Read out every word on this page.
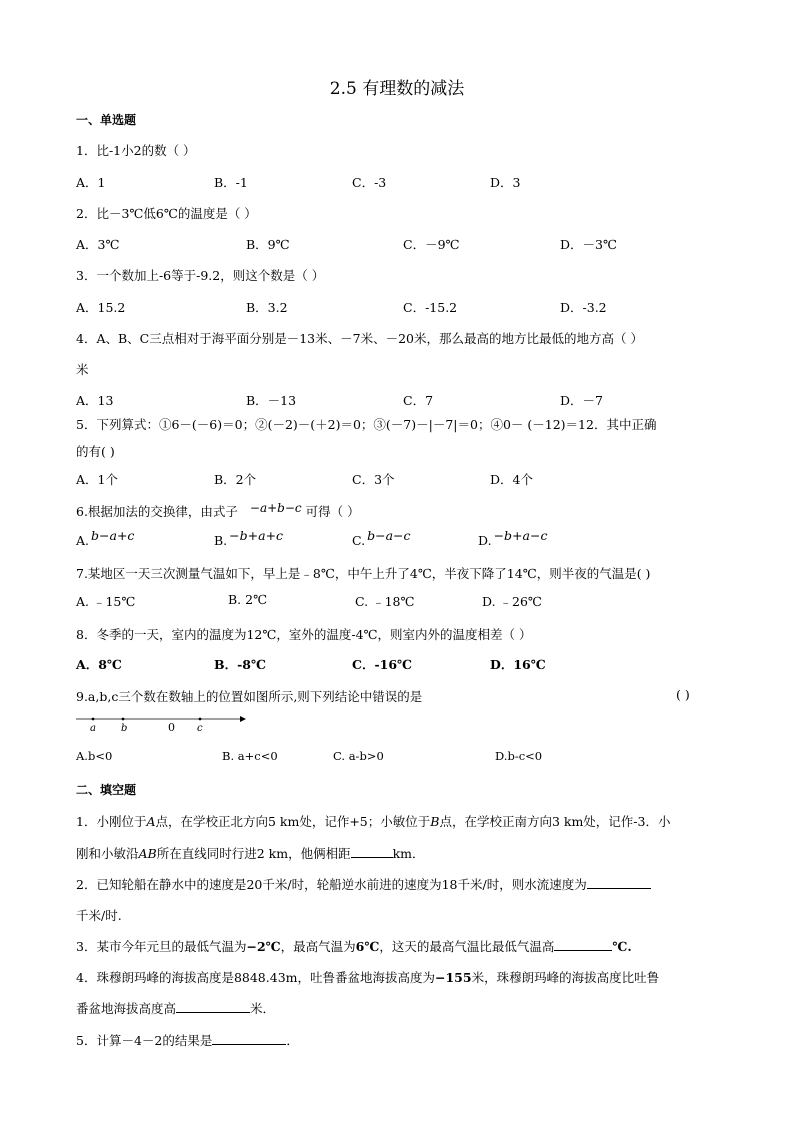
2.5 有理数的减法
一、单选题
1．比-1小2的数（ ）
A．1	B．-1	C．-3	D．3
2．比－3℃低6℃的温度是（ ）
A．3℃	B．9℃	C．－9℃	D．－3℃
3．一个数加上-6等于-9.2，则这个数是（ ）
A．15.2	B．3.2	C．-15.2	D．-3.2
4．A、B、C三点相对于海平面分别是－13米、－7米、－20米，那么最高的地方比最低的地方高（ ）
米
A．13	B．－13	C．7	D．－7
5．下列算式：①6－(－6)＝0；②(－2)－(＋2)＝0；③(－7)－|－7|＝0；④0－ (－12)＝12．其中正确
的有( )
A．1个	B．2个	C．3个	D．4个
6.根据加法的交换律，由式子 −a+b−c 可得（ ）
A. b−a+c	B. −b+a+c	C. b−a−c	D. −b+a−c
7.某地区一天三次测量气温如下，早上是﹣8℃，中午上升了4℃，半夜下降了14℃，则半夜的气温是( )
A. ﹣15℃	B. 2℃	C. ﹣18℃	D. ﹣26℃
8．冬季的一天，室内的温度为12℃，室外的温度-4℃，则室内外的温度相差（ ）
A．8℃	B．-8℃	C．-16℃	D．16℃
9.a,b,c三个数在数轴上的位置如图所示,则下列结论中错误的是	( )
a	b	0 c
A.b<0	B. a+c<0	C. a-b>0	D.b-c<0
二、填空题
1．小刚位于A点，在学校正北方向5 km处，记作+5；小敏位于B点，在学校正南方向3 km处，记作-3．小
刚和小敏沿AB所在直线同时行进2 km，他俩相距	km．
2．已知轮船在静水中的速度是20千米/时，轮船逆水前进的速度为18千米/时，则水流速度为
千米/时.
3．某市今年元旦的最低气温为−2℃，最高气温为6℃，这天的最高气温比最低气温高	℃.
4．珠穆朗玛峰的海拔高度是8848.43m，吐鲁番盆地海拔高度为−155米，珠穆朗玛峰的海拔高度比吐鲁
番盆地海拔高度高	米．
5．计算－4－2的结果是	．
